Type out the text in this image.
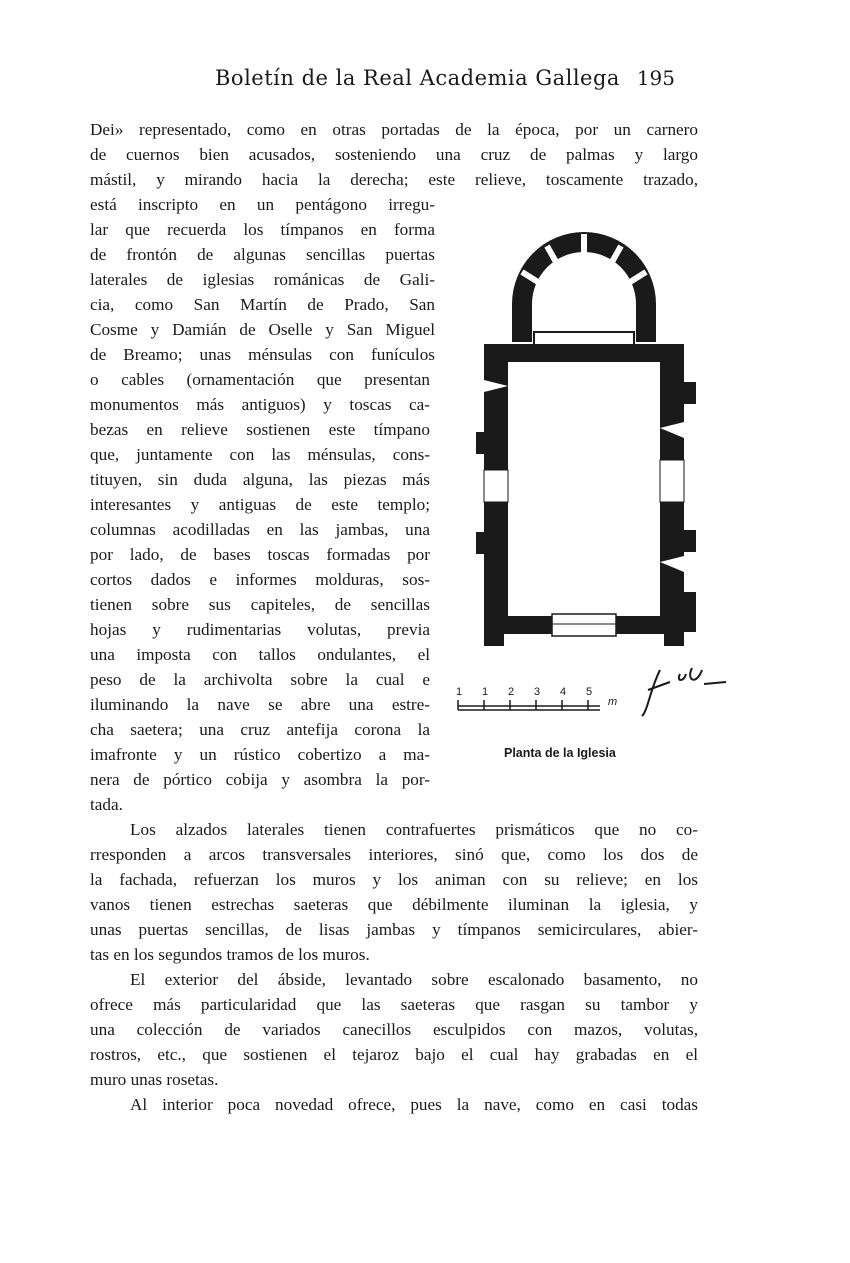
Boletín de la Real Academia Gallega 195
Dei» representado, como en otras portadas de la época, por un carnero
de cuernos bien acusados, sosteniendo una cruz de palmas y largo
mástil, y mirando hacia la derecha; este relieve, toscamente trazado,
está inscripto en un pentágono irregu-
lar que recuerda los tímpanos en forma
de frontón de algunas sencillas puertas
laterales de iglesias románicas de Gali-
cia, como San Martín de Prado, San
Cosme y Damián de Oselle y San Miguel
de Breamo; unas ménsulas con funículos
o cables (ornamentación que presentan
monumentos más antiguos) y toscas ca-
bezas en relieve sostienen este tímpano
que, juntamente con las ménsulas, cons-
tituyen, sin duda alguna, las piezas más
interesantes y antiguas de este templo;
columnas acodilladas en las jambas, una
por lado, de bases toscas formadas por
cortos dados e informes molduras, sos-
tienen sobre sus capiteles, de sencillas
hojas y rudimentarias volutas, previa
una imposta con tallos ondulantes, el
peso de la archivolta sobre la cual e
iluminando la nave se abre una estre-
cha saetera; una cruz antefija corona la
imafronte y un rústico cobertizo a ma-
nera de pórtico cobija y asombra la por-
tada.
Los alzados laterales tienen contrafuertes prismáticos que no co-
rresponden a arcos transversales interiores, sinó que, como los dos de
la fachada, refuerzan los muros y los animan con su relieve; en los
vanos tienen estrechas saeteras que débilmente iluminan la iglesia, y
unas puertas sencillas, de lisas jambas y tímpanos semicirculares, abier-
tas en los segundos tramos de los muros.
El exterior del ábside, levantado sobre escalonado basamento, no
ofrece más particularidad que las saeteras que rasgan su tambor y
una colección de variados canecillos esculpidos con mazos, volutas,
rostros, etc., que sostienen el tejaroz bajo el cual hay grabadas en el
muro unas rosetas.
Al interior poca novedad ofrece, pues la nave, como en casi todas
1 1 2 3 4 5
m
Planta de la Iglesia
